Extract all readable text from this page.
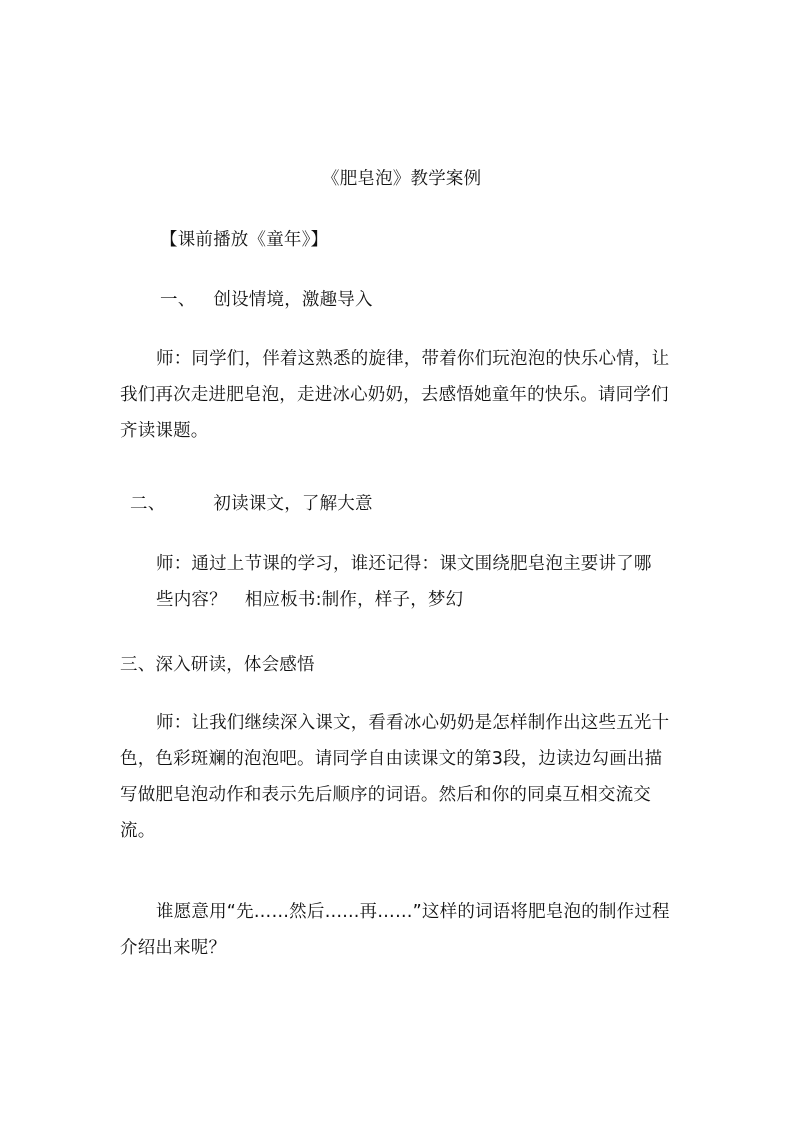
《肥皂泡》教学案例
【课前播放《童年》】
一、 创设情境，激趣导入
师：同学们，伴着这熟悉的旋律，带着你们玩泡泡的快乐心情，让我们再次走进肥皂泡，走进冰心奶奶，去感悟她童年的快乐。请同学们齐读课题。
二、	初读课文，了解大意
师：通过上节课的学习，谁还记得：课文围绕肥皂泡主要讲了哪
些内容？ 相应板书:制作，样子，梦幻
三、深入研读，体会感悟
师：让我们继续深入课文，看看冰心奶奶是怎样制作出这些五光十色，色彩斑斓的泡泡吧。请同学自由读课文的第3段，边读边勾画出描写做肥皂泡动作和表示先后顺序的词语。然后和你的同桌互相交流交流。
谁愿意用“先……然后…...再……”这样的词语将肥皂泡的制作过程介绍出来呢？
